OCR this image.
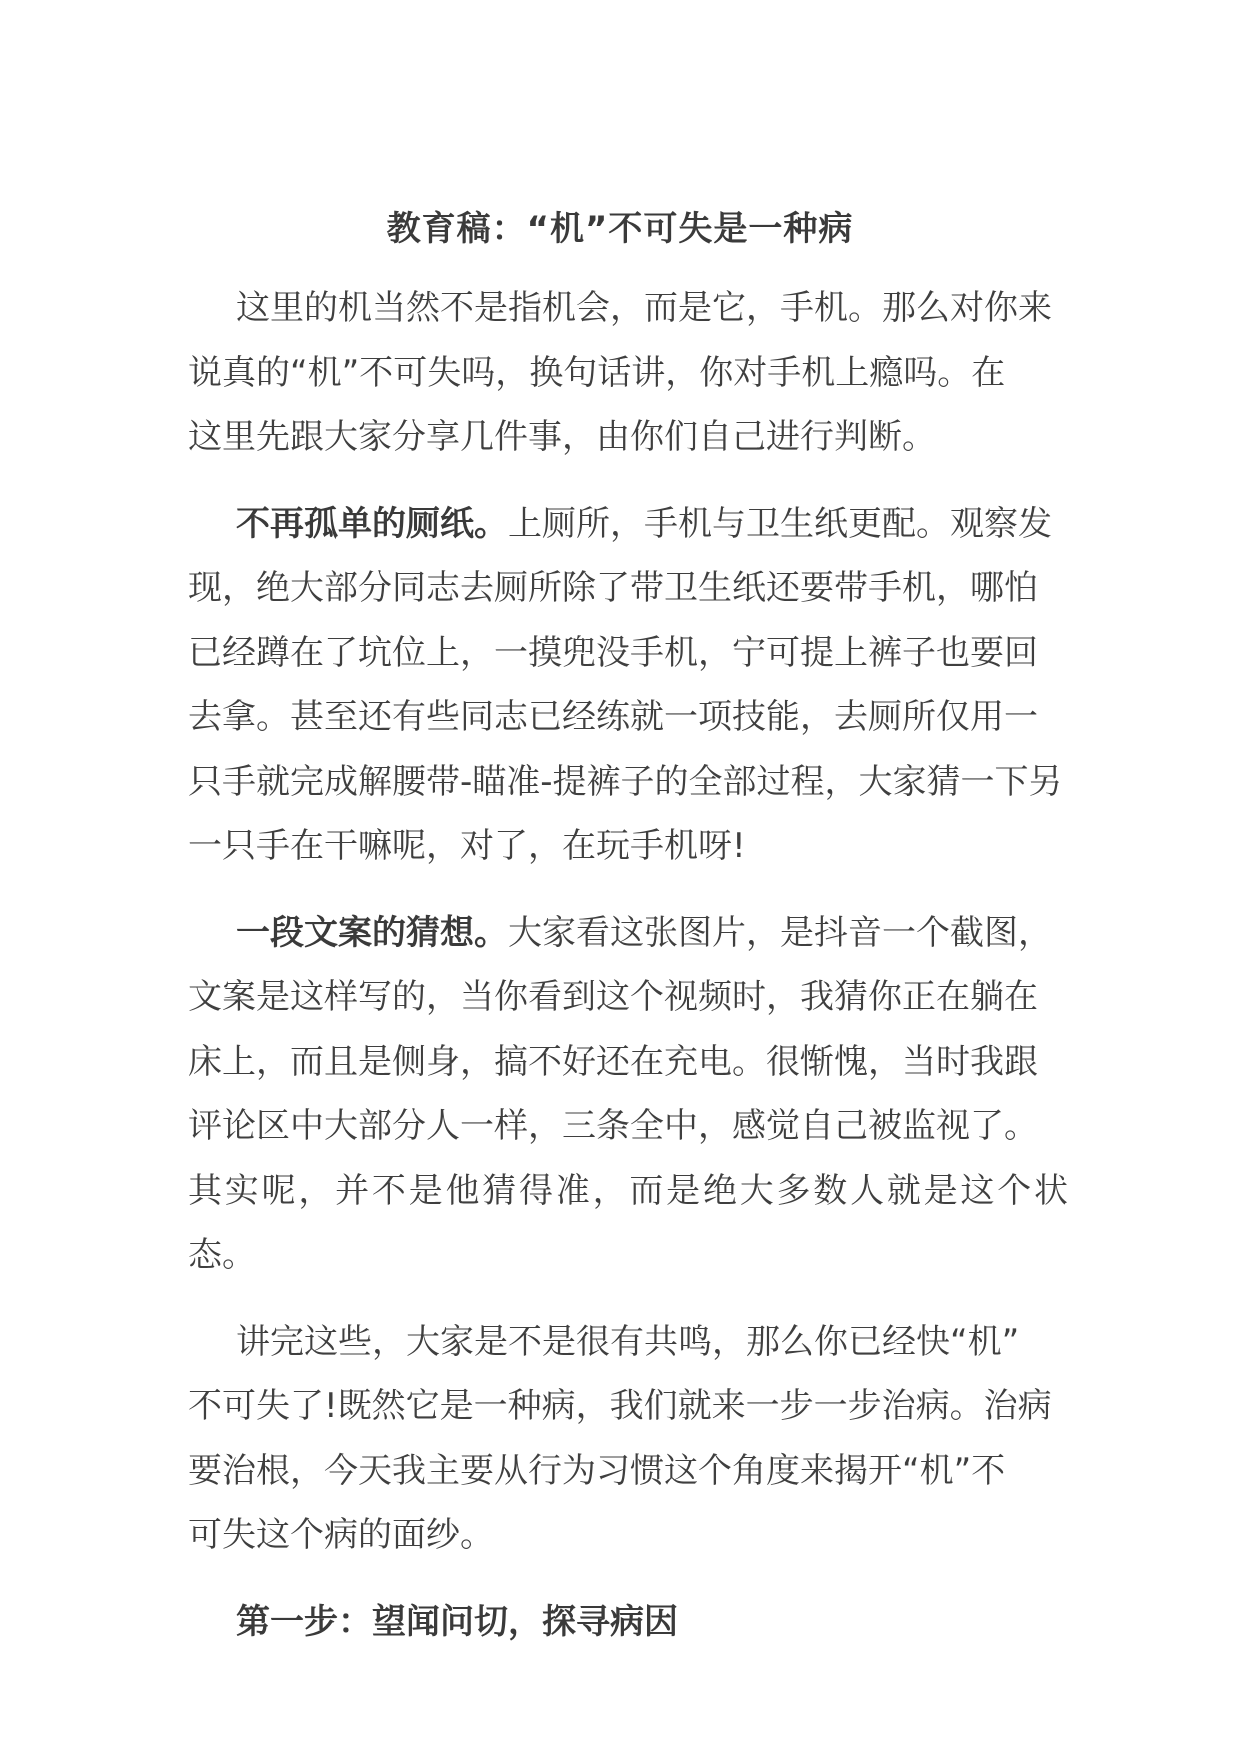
教育稿：“机”不可失是一种病

这里的机当然不是指机会，而是它，手机。那么对你来
说真的“机”不可失吗，换句话讲，你对手机上瘾吗。在
这里先跟大家分享几件事，由你们自己进行判断。

不再孤单的厕纸。上厕所，手机与卫生纸更配。观察发
现，绝大部分同志去厕所除了带卫生纸还要带手机，哪怕
已经蹲在了坑位上，一摸兜没手机，宁可提上裤子也要回
去拿。甚至还有些同志已经练就一项技能，去厕所仅用一
只手就完成解腰带-瞄准-提裤子的全部过程，大家猜一下另
一只手在干嘛呢，对了，在玩手机呀!

一段文案的猜想。大家看这张图片，是抖音一个截图，
文案是这样写的，当你看到这个视频时，我猜你正在躺在
床上，而且是侧身，搞不好还在充电。很惭愧，当时我跟
评论区中大部分人一样，三条全中，感觉自己被监视了。
其实呢，并不是他猜得准，而是绝大多数人就是这个状态。

讲完这些，大家是不是很有共鸣，那么你已经快“机”
不可失了!既然它是一种病，我们就来一步一步治病。治病
要治根，今天我主要从行为习惯这个角度来揭开“机”不
可失这个病的面纱。

第一步：望闻问切，探寻病因
